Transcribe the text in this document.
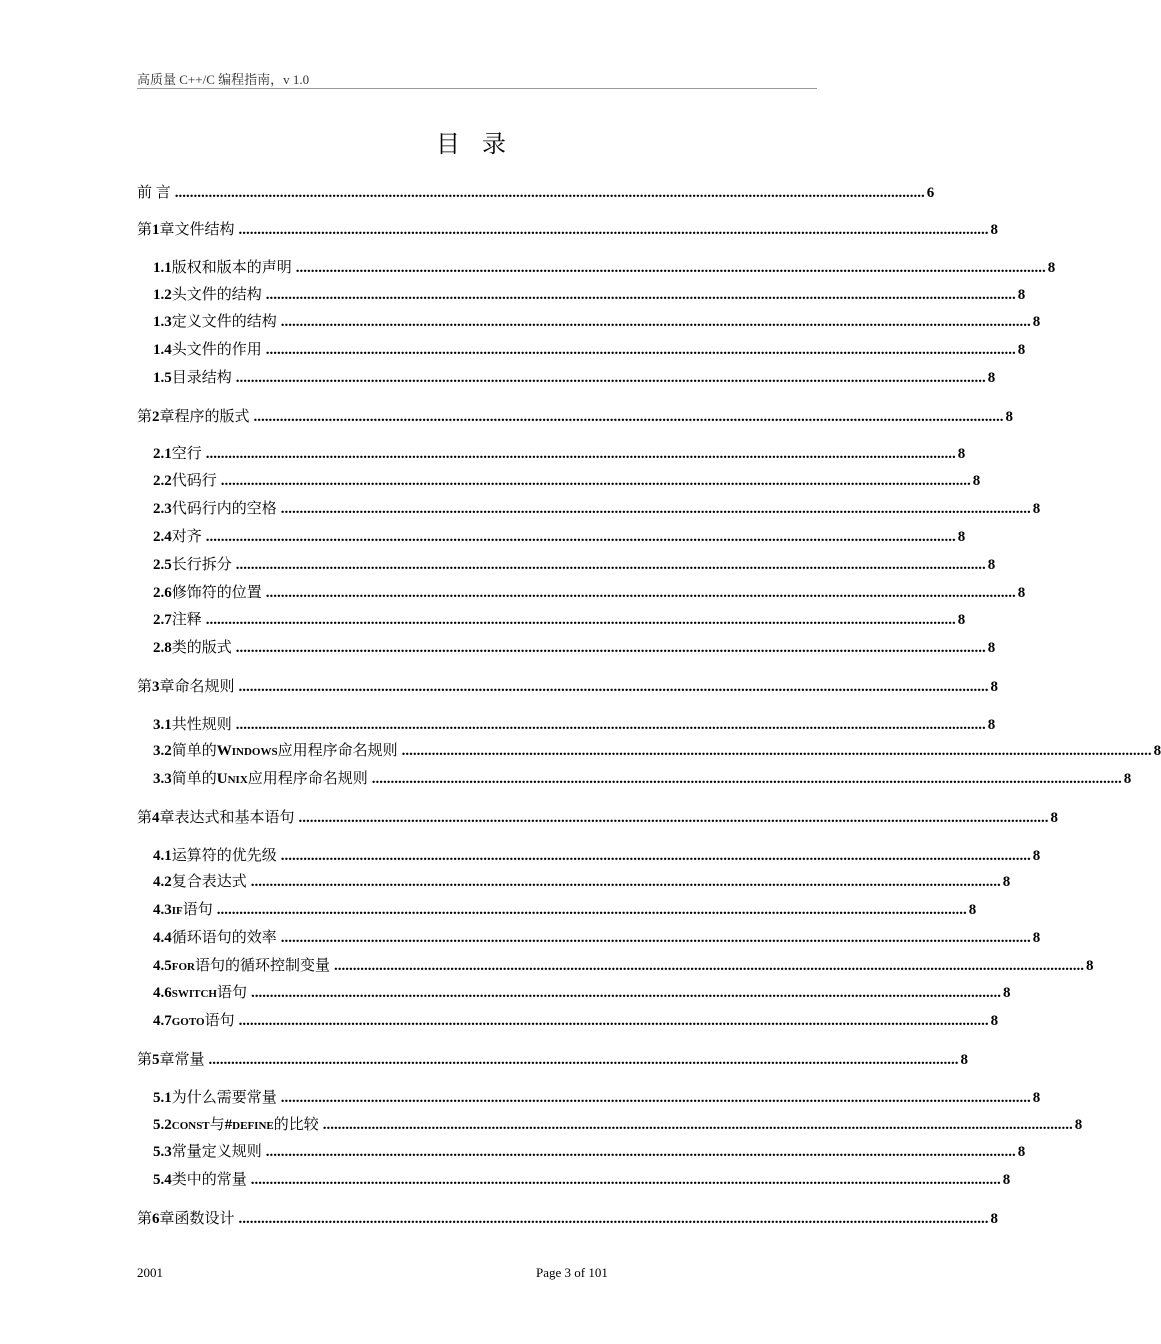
高质量 C++/C 编程指南，v 1.0
目 录
前 言 ........................................................................................................................................................................................................ 6
第 1 章 文件结构 ........................................................................................................................................................................................................ 8
1.1 版权和版本的声明 ........................................................................................................................................................................................................ 8
1.2 头文件的结构 ........................................................................................................................................................................................................ 8
1.3 定义文件的结构 ........................................................................................................................................................................................................ 8
1.4 头文件的作用 ........................................................................................................................................................................................................ 8
1.5 目录结构 ........................................................................................................................................................................................................ 8
第 2 章 程序的版式 ........................................................................................................................................................................................................ 8
2.1 空行 ........................................................................................................................................................................................................ 8
2.2 代码行 ........................................................................................................................................................................................................ 8
2.3 代码行内的空格 ........................................................................................................................................................................................................ 8
2.4 对齐 ........................................................................................................................................................................................................ 8
2.5 长行拆分 ........................................................................................................................................................................................................ 8
2.6 修饰符的位置 ........................................................................................................................................................................................................ 8
2.7 注释 ........................................................................................................................................................................................................ 8
2.8 类的版式 ........................................................................................................................................................................................................ 8
第 3 章 命名规则 ........................................................................................................................................................................................................ 8
3.1 共性规则 ........................................................................................................................................................................................................ 8
3.2 简单的 Windows 应用程序命名规则 ........................................................................................................................................................................................................ 8
3.3 简单的 Unix 应用程序命名规则 ........................................................................................................................................................................................................ 8
第 4 章 表达式和基本语句 ........................................................................................................................................................................................................ 8
4.1 运算符的优先级 ........................................................................................................................................................................................................ 8
4.2 复合表达式 ........................................................................................................................................................................................................ 8
4.3 if 语句 ........................................................................................................................................................................................................ 8
4.4 循环语句的效率 ........................................................................................................................................................................................................ 8
4.5 for 语句的循环控制变量 ........................................................................................................................................................................................................ 8
4.6 switch 语句 ........................................................................................................................................................................................................ 8
4.7 goto 语句 ........................................................................................................................................................................................................ 8
第 5 章 常量 ........................................................................................................................................................................................................ 8
5.1 为什么需要常量 ........................................................................................................................................................................................................ 8
5.2 const 与 #define 的比较 ........................................................................................................................................................................................................ 8
5.3 常量定义规则 ........................................................................................................................................................................................................ 8
5.4 类中的常量 ........................................................................................................................................................................................................ 8
第 6 章 函数设计 ........................................................................................................................................................................................................ 8
2001	Page 3 of 101
